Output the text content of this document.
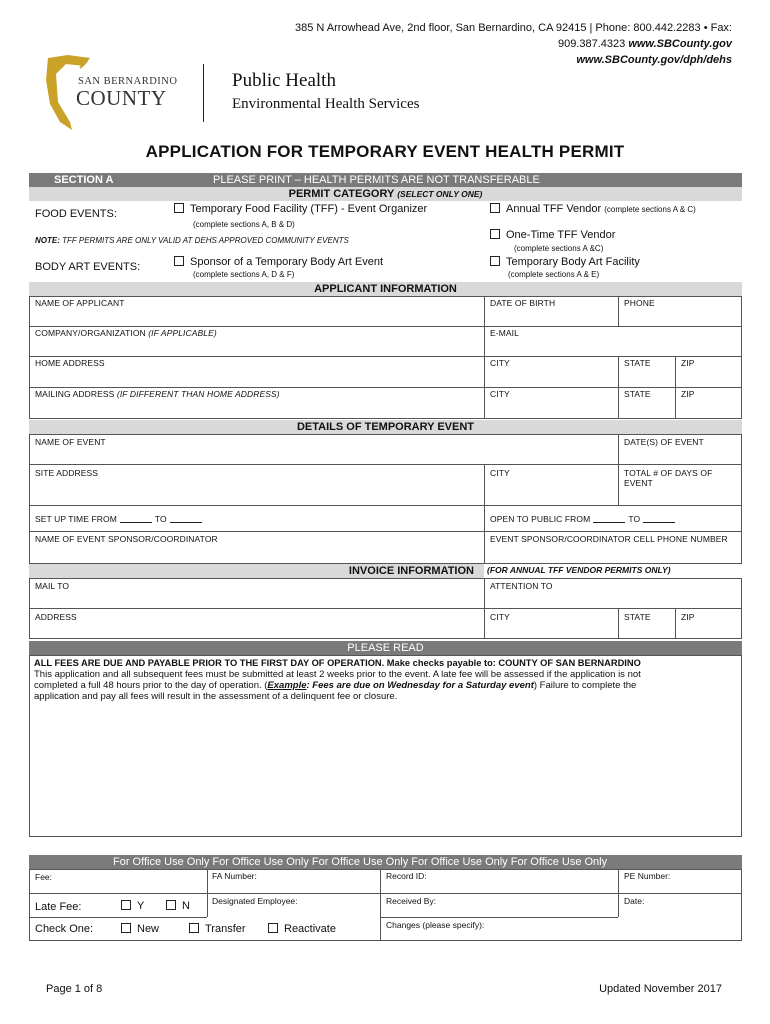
385 N Arrowhead Ave, 2nd floor, San Bernardino, CA 92415 | Phone: 800.442.2283 • Fax:
909.387.4323 www.SBCounty.gov
www.SBCounty.gov/dph/dehs
SAN BERNARDINO
COUNTY
Public Health
Environmental Health Services
APPLICATION FOR TEMPORARY EVENT HEALTH PERMIT
SECTION A	PLEASE PRINT – HEALTH PERMITS ARE NOT TRANSFERABLE
PERMIT CATEGORY (SELECT ONLY ONE)
FOOD EVENTS:	Temporary Food Facility (TFF) - Event Organizer
(complete sections A, B & D)
Annual TFF Vendor (complete sections A & C)
NOTE: TFF PERMITS ARE ONLY VALID AT DEHS APPROVED COMMUNITY EVENTS	One-Time TFF Vendor
(complete sections A &C)
BODY ART EVENTS:	Sponsor of a Temporary Body Art Event
(complete sections A, D & F)
Temporary Body Art Facility
(complete sections A & E)
APPLICANT INFORMATION
NAME OF APPLICANT	DATE OF BIRTH	PHONE
COMPANY/ORGANIZATION (IF APPLICABLE)	E-MAIL
HOME ADDRESS	CITY	STATE	ZIP
MAILING ADDRESS (IF DIFFERENT THAN HOME ADDRESS)	CITY	STATE	ZIP
DETAILS OF TEMPORARY EVENT
NAME OF EVENT	DATE(S) OF EVENT
SITE ADDRESS	CITY	TOTAL # OF DAYS OF EVENT
SET UP TIME FROM	TO	OPEN TO PUBLIC FROM	TO
NAME OF EVENT SPONSOR/COORDINATOR	EVENT SPONSOR/COORDINATOR CELL PHONE NUMBER
INVOICE INFORMATION	(FOR ANNUAL TFF VENDOR PERMITS ONLY)
MAIL TO	ATTENTION TO
ADDRESS	CITY	STATE	ZIP
PLEASE READ
ALL FEES ARE DUE AND PAYABLE PRIOR TO THE FIRST DAY OF OPERATION. Make checks payable to: COUNTY OF SAN BERNARDINO
This application and all subsequent fees must be submitted at least 2 weeks prior to the event. A late fee will be assessed if the application is not
completed a full 48 hours prior to the day of operation. (Example: Fees are due on Wednesday for a Saturday event) Failure to complete the
application and pay all fees will result in the assessment of a delinquent fee or closure.
For Office Use Only For Office Use Only For Office Use Only For Office Use Only For Office Use Only
Fee:	FA Number:	Record ID:	PE Number:
Late Fee:	Y	N	Designated Employee:	Received By:	Date:
Check One:	New	Transfer	Reactivate	Changes (please specify):
Page 1 of 8	Updated November 2017
